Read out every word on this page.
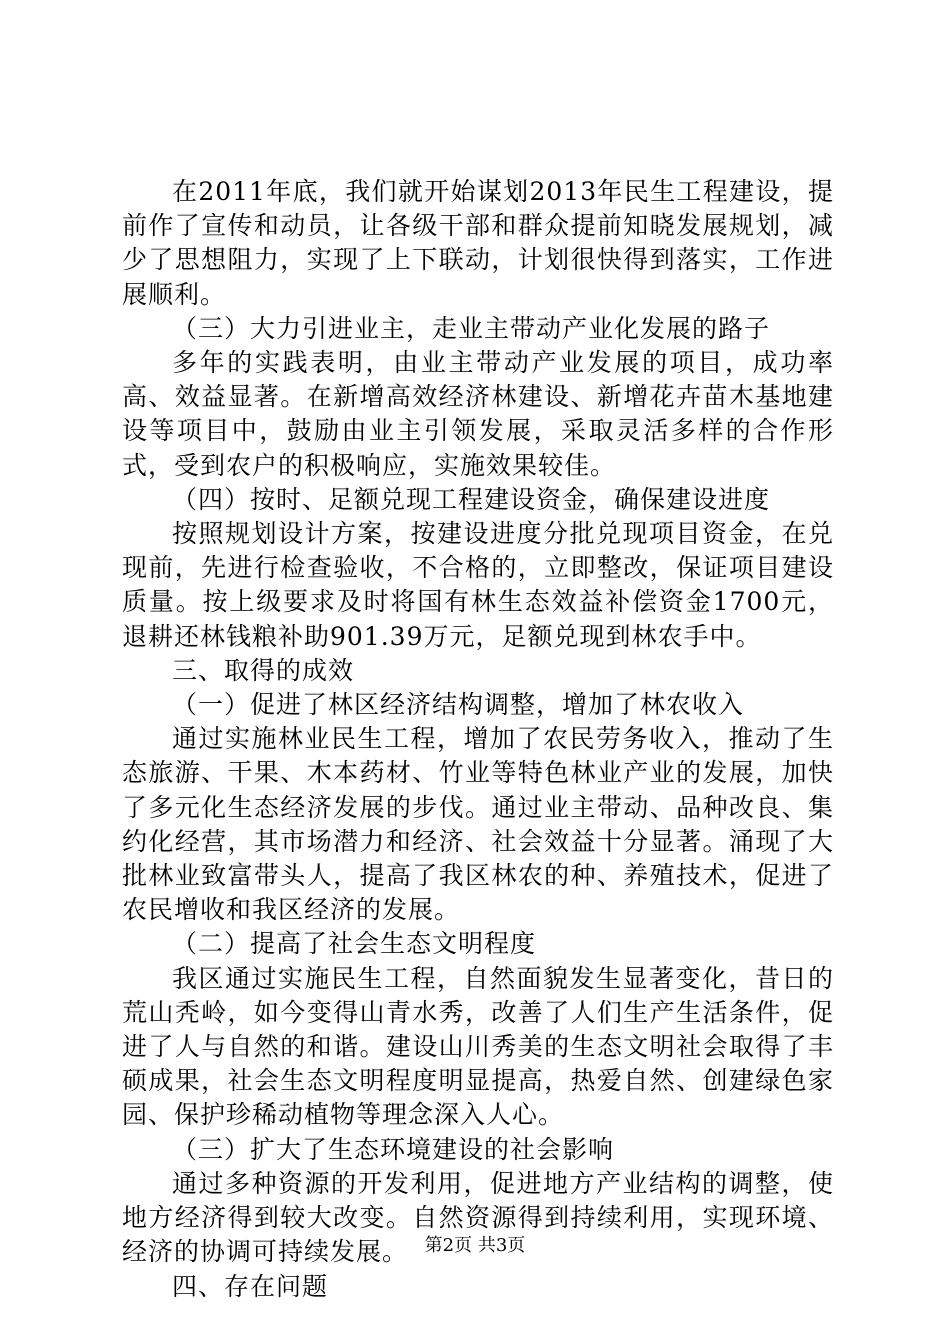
在2011年底，我们就开始谋划2013年民生工程建设，提前作了宣传和动员，让各级干部和群众提前知晓发展规划，减少了思想阻力，实现了上下联动，计划很快得到落实，工作进展顺利。

（三）大力引进业主，走业主带动产业化发展的路子

多年的实践表明，由业主带动产业发展的项目，成功率高、效益显著。在新增高效经济林建设、新增花卉苗木基地建设等项目中，鼓励由业主引领发展，采取灵活多样的合作形式，受到农户的积极响应，实施效果较佳。

（四）按时、足额兑现工程建设资金，确保建设进度

按照规划设计方案，按建设进度分批兑现项目资金，在兑现前，先进行检查验收，不合格的，立即整改，保证项目建设质量。按上级要求及时将国有林生态效益补偿资金1700元，退耕还林钱粮补助901.39万元，足额兑现到林农手中。

三、取得的成效

（一）促进了林区经济结构调整，增加了林农收入

通过实施林业民生工程，增加了农民劳务收入，推动了生态旅游、干果、木本药材、竹业等特色林业产业的发展，加快了多元化生态经济发展的步伐。通过业主带动、品种改良、集约化经营，其市场潜力和经济、社会效益十分显著。涌现了大批林业致富带头人，提高了我区林农的种、养殖技术，促进了农民增收和我区经济的发展。

（二）提高了社会生态文明程度

我区通过实施民生工程，自然面貌发生显著变化，昔日的荒山秃岭，如今变得山青水秀，改善了人们生产生活条件，促进了人与自然的和谐。建设山川秀美的生态文明社会取得了丰硕成果，社会生态文明程度明显提高，热爱自然、创建绿色家园、保护珍稀动植物等理念深入人心。

（三）扩大了生态环境建设的社会影响

通过多种资源的开发利用，促进地方产业结构的调整，使地方经济得到较大改变。自然资源得到持续利用，实现环境、经济的协调可持续发展。

四、存在问题

第2页 共3页
